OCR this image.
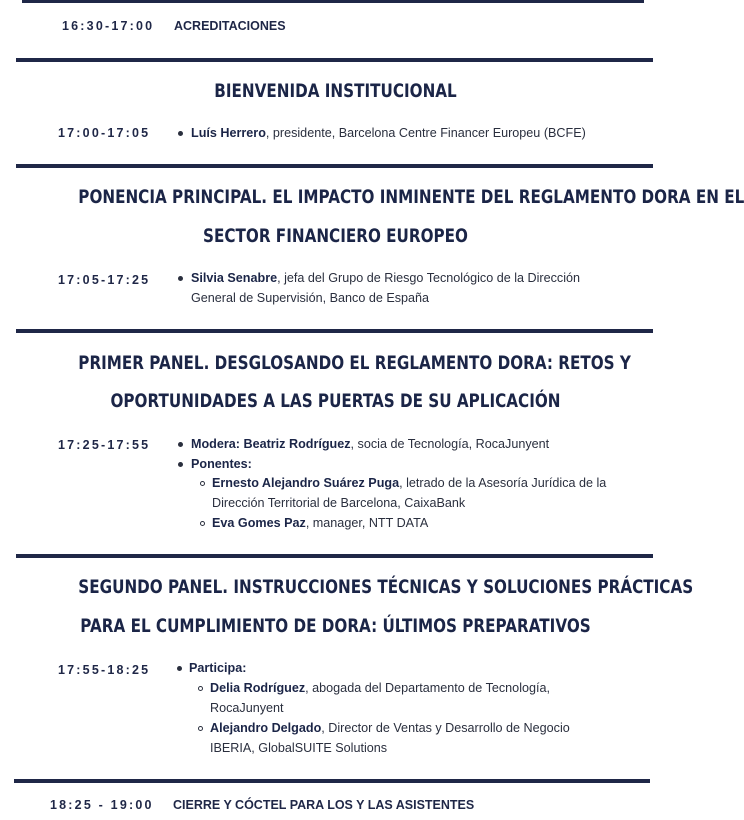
16:30-17:00 ACREDITACIONES
BIENVENIDA INSTITUCIONAL
17:00-17:05	Luís Herrero, presidente, Barcelona Centre Financer Europeu (BCFE)
PONENCIA PRINCIPAL. EL IMPACTO INMINENTE DEL REGLAMENTO DORA EN EL
SECTOR FINANCIERO EUROPEO
17:05-17:25	Silvia Senabre, jefa del Grupo de Riesgo Tecnológico de la Dirección
General de Supervisión, Banco de España
PRIMER PANEL. DESGLOSANDO EL REGLAMENTO DORA: RETOS Y
OPORTUNIDADES A LAS PUERTAS DE SU APLICACIÓN
17:25-17:55	Modera: Beatriz Rodríguez, socia de Tecnología, RocaJunyent
Ponentes:
Ernesto Alejandro Suárez Puga, letrado de la Asesoría Jurídica de la
Dirección Territorial de Barcelona, CaixaBank
Eva Gomes Paz, manager, NTT DATA
SEGUNDO PANEL. INSTRUCCIONES TÉCNICAS Y SOLUCIONES PRÁCTICAS
PARA EL CUMPLIMIENTO DE DORA: ÚLTIMOS PREPARATIVOS
17:55-18:25	Participa:
Delia Rodríguez, abogada del Departamento de Tecnología,
RocaJunyent
Alejandro Delgado, Director de Ventas y Desarrollo de Negocio
IBERIA, GlobalSUITE Solutions
18:25 - 19:00 CIERRE Y CÓCTEL PARA LOS Y LAS ASISTENTES
